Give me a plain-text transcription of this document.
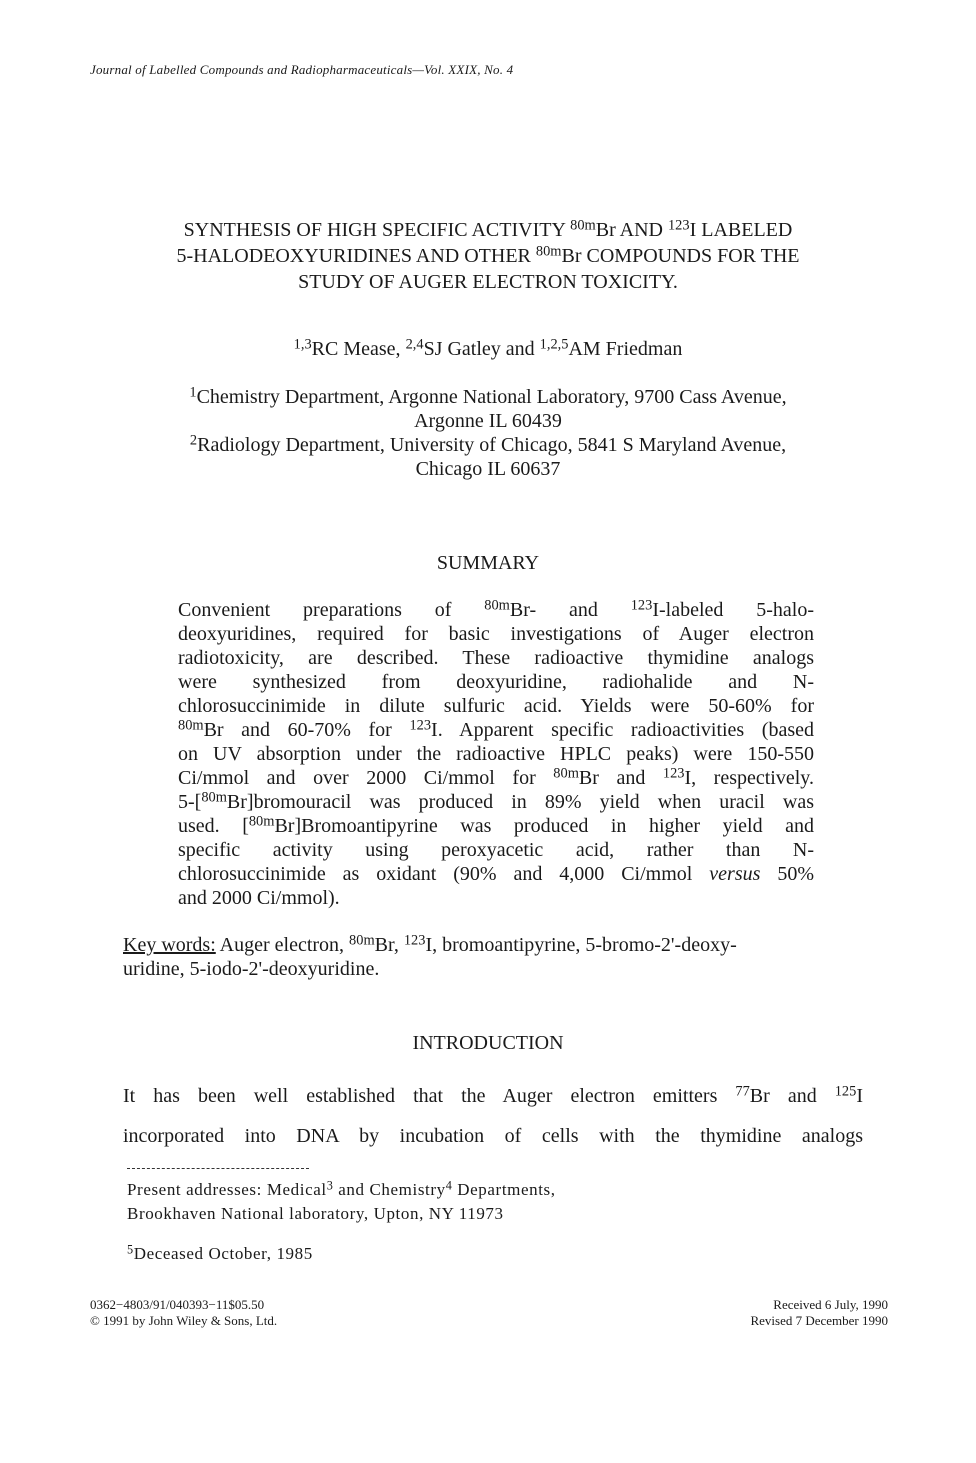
Journal of Labelled Compounds and Radiopharmaceuticals—Vol. XXIX, No. 4
SYNTHESIS OF HIGH SPECIFIC ACTIVITY $^{80m}$Br AND $^{123}$I LABELED
5-HALODEOXYURIDINES AND OTHER $^{80m}$Br COMPOUNDS FOR THE
STUDY OF AUGER ELECTRON TOXICITY.
$^{1,3}$RC Mease, $^{2,4}$SJ Gatley and $^{1,2,5}$AM Friedman
$^1$Chemistry Department, Argonne National Laboratory, 9700 Cass Avenue,
Argonne IL 60439
$^2$Radiology Department, University of Chicago, 5841 S Maryland Avenue,
Chicago IL 60637
SUMMARY
Convenient preparations of $^{80m}$Br- and $^{123}$I-labeled 5-halo-
deoxyuridines, required for basic investigations of Auger electron
radiotoxicity, are described. These radioactive thymidine analogs
were synthesized from deoxyuridine, radiohalide and N-
chlorosuccinimide in dilute sulfuric acid. Yields were 50-60% for
$^{80m}$Br and 60-70% for $^{123}$I. Apparent specific radioactivities (based
on UV absorption under the radioactive HPLC peaks) were 150-550
Ci/mmol and over 2000 Ci/mmol for $^{80m}$Br and $^{123}$I, respectively.
5-[$^{80m}$Br]bromouracil was produced in 89% yield when uracil was
used. [$^{80m}$Br]Bromoantipyrine was produced in higher yield and
specific activity using peroxyacetic acid, rather than N-
chlorosuccinimide as oxidant (90% and 4,000 Ci/mmol versus 50%
and 2000 Ci/mmol).
Key words: Auger electron, $^{80m}$Br, $^{123}$I, bromoantipyrine, 5-bromo-2'-deoxy-
uridine, 5-iodo-2'-deoxyuridine.
INTRODUCTION
It has been well established that the Auger electron emitters $^{77}$Br and $^{125}$I
incorporated into DNA by incubation of cells with the thymidine analogs
Present addresses: Medical$^3$ and Chemistry$^4$ Departments,
Brookhaven National laboratory, Upton, NY 11973
$^5$Deceased October, 1985
0362−4803/91/040393−11$05.50
© 1991 by John Wiley & Sons, Ltd.
Received 6 July, 1990
Revised 7 December 1990
